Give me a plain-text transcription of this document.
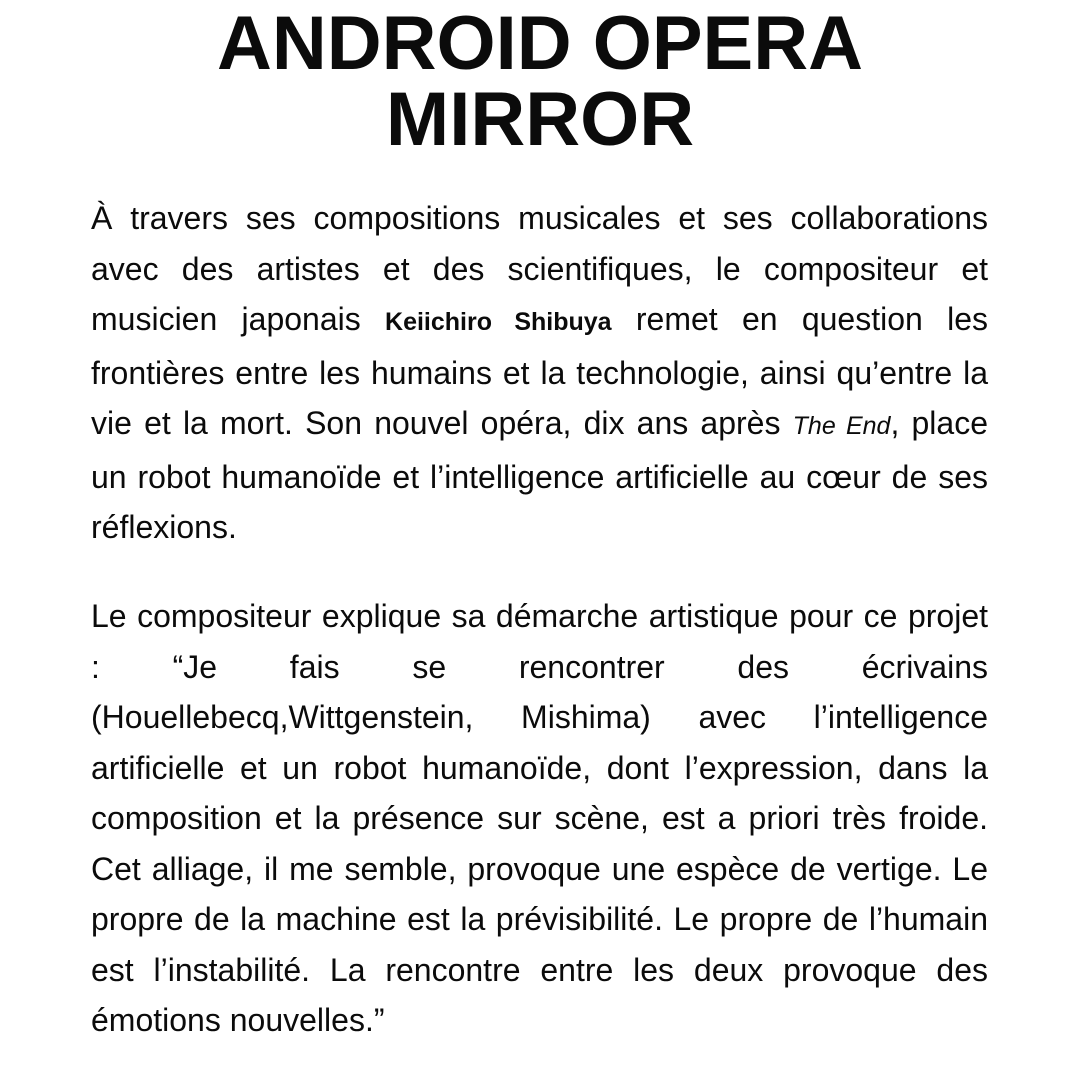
ANDROID OPERA
MIRROR

À travers ses compositions musicales et ses collaborations avec des artistes et des scientifiques, le compositeur et musicien japonais Keiichiro Shibuya remet en question les frontières entre les humains et la technologie, ainsi qu’entre la vie et la mort. Son nouvel opéra, dix ans après The End, place un robot humanoïde et l’intelligence artificielle au cœur de ses réflexions.

Le compositeur explique sa démarche artistique pour ce projet : “Je fais se rencontrer des écrivains (Houellebecq,Wittgenstein, Mishima) avec l’intelligence artificielle et un robot humanoïde, dont l’expression, dans la composition et la présence sur scène, est a priori très froide. Cet alliage, il me semble, provoque une espèce de vertige. Le propre de la machine est la prévisibilité. Le propre de l’humain est l’instabilité. La rencontre entre les deux provoque des émotions nouvelles.”
